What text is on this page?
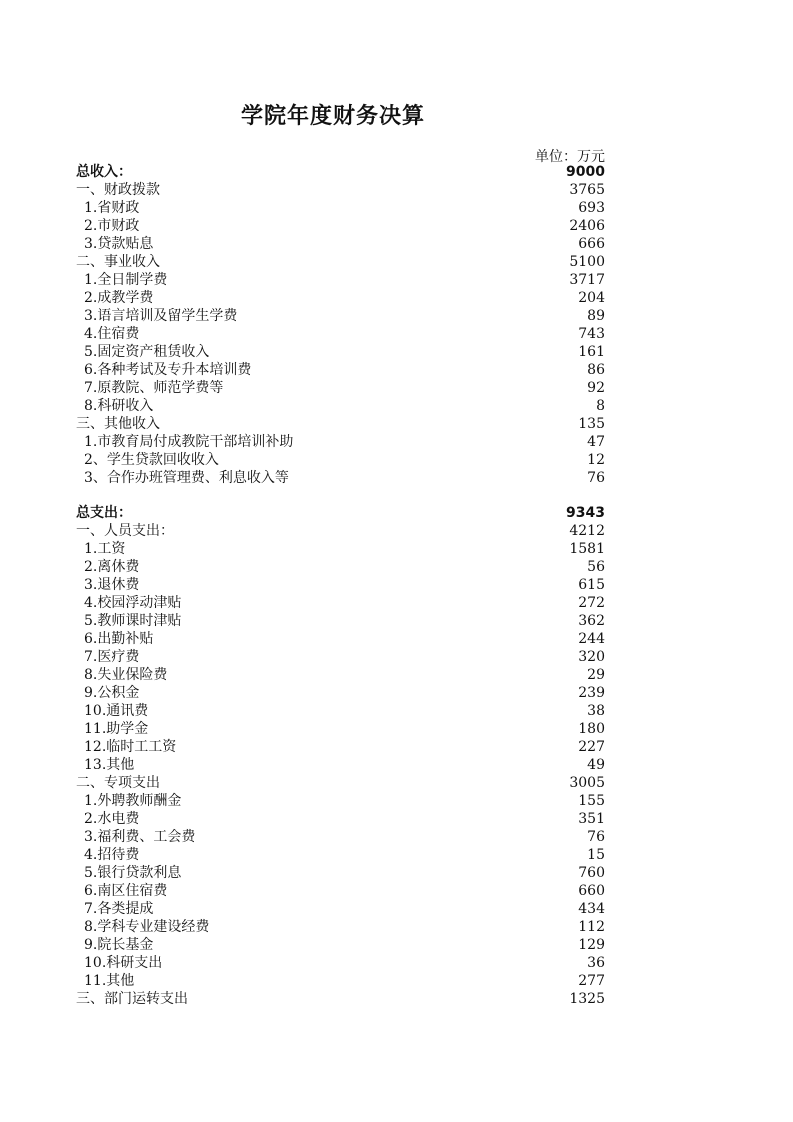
学院年度财务决算
单位：万元
总收入：	9000
一、财政拨款	3765
1.省财政	693
2.市财政	2406
3.贷款贴息	666
二、事业收入	5100
1.全日制学费	3717
2.成教学费	204
3.语言培训及留学生学费	89
4.住宿费	743
5.固定资产租赁收入	161
6.各种考试及专升本培训费	86
7.原教院、师范学费等	92
8.科研收入	8
三、其他收入	135
1.市教育局付成教院干部培训补助	47
2、学生贷款回收收入	12
3、合作办班管理费、利息收入等	76
总支出：	9343
一、人员支出：	4212
1.工资	1581
2.离休费	56
3.退休费	615
4.校园浮动津贴	272
5.教师课时津贴	362
6.出勤补贴	244
7.医疗费	320
8.失业保险费	29
9.公积金	239
10.通讯费	38
11.助学金	180
12.临时工工资	227
13.其他	49
二、专项支出	3005
1.外聘教师酬金	155
2.水电费	351
3.福利费、工会费	76
4.招待费	15
5.银行贷款利息	760
6.南区住宿费	660
7.各类提成	434
8.学科专业建设经费	112
9.院长基金	129
10.科研支出	36
11.其他	277
三、部门运转支出	1325
